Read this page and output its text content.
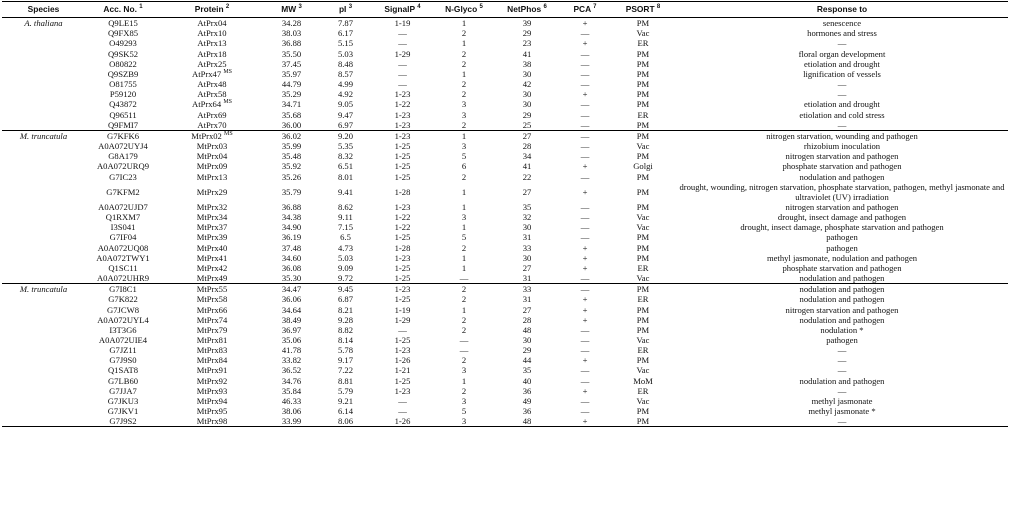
Species	Acc. No. $^1$	Protein $^2$	MW $^3$	pI $^3$	SignalP $^4$	N-Glyco $^5$	NetPhos $^6$	PCA $^7$	PSORT $^8$	Response to
A. thaliana	Q9LE15	AtPrx04	34.28	7.87	1-19	1	39	+	PM	senescence
	Q9FX85	AtPrx10	38.03	6.17	—	2	29	—	Vac	hormones and stress
	O49293	AtPrx13	36.88	5.15	—	1	23	+	ER	—
	Q9SK52	AtPrx18	35.50	5.03	1-29	2	41	—	PM	floral organ development
	O80822	AtPrx25	37.45	8.48	—	2	38	—	PM	etiolation and drought
	Q9SZB9	AtPrx47 $^{MS}$	35.97	8.57	—	1	30	—	PM	lignification of vessels
	O81755	AtPrx48	44.79	4.99	—	2	42	—	PM	—
	P59120	AtPrx58	35.29	4.92	1-23	2	30	+	PM	—
	Q43872	AtPrx64 $^{MS}$	34.71	9.05	1-22	3	30	—	PM	etiolation and drought
	Q96511	AtPrx69	35.68	9.47	1-23	3	29	—	ER	etiolation and cold stress
	Q9FMI7	AtPrx70	36.00	6.97	1-23	2	25	—	PM	—
M. truncatula	G7KFK6	MtPrx02 $^{MS}$	36.02	9.20	1-23	1	27	—	PM	nitrogen starvation, wounding and pathogen
	A0A072UYJ4	MtPrx03	35.99	5.35	1-25	3	28	—	Vac	rhizobium inoculation
	G8A179	MtPrx04	35.48	8.32	1-25	5	34	—	PM	nitrogen starvation and pathogen
	A0A072URQ9	MtPrx09	35.92	6.51	1-25	6	41	+	Golgi	phosphate starvation and pathogen
	G7IC23	MtPrx13	35.26	8.01	1-25	2	22	—	PM	nodulation and pathogen
	G7KFM2	MtPrx29	35.79	9.41	1-28	1	27	+	PM	drought, wounding, nitrogen starvation, phosphate starvation, pathogen, methyl jasmonate and ultraviolet (UV) irradiation
	A0A072UJD7	MtPrx32	36.88	8.62	1-23	1	35	—	PM	nitrogen starvation and pathogen
	Q1RXM7	MtPrx34	34.38	9.11	1-22	3	32	—	Vac	drought, insect damage and pathogen
	I3S041	MtPrx37	34.90	7.15	1-22	1	30	—	Vac	drought, insect damage, phosphate starvation and pathogen
	G7IF04	MtPrx39	36.19	6.5	1-25	5	31	—	PM	pathogen
	A0A072UQ08	MtPrx40	37.48	4.73	1-28	2	33	+	PM	pathogen
	A0A072TWY1	MtPrx41	34.60	5.03	1-23	1	30	+	PM	methyl jasmonate, nodulation and pathogen
	Q1SC11	MtPrx42	36.08	9.09	1-25	1	27	+	ER	phosphate starvation and pathogen
	A0A072UHR9	MtPrx49	35.30	9.72	1-25	—	31	—	Vac	nodulation and pathogen
M. truncatula	G7I8C1	MtPrx55	34.47	9.45	1-23	2	33	—	PM	nodulation and pathogen
	G7K822	MtPrx58	36.06	6.87	1-25	2	31	+	ER	nodulation and pathogen
	G7JCW8	MtPrx66	34.64	8.21	1-19	1	27	+	PM	nitrogen starvation and pathogen
	A0A072UYL4	MtPrx74	38.49	9.28	1-29	2	28	+	PM	nodulation and pathogen
	I3T3G6	MtPrx79	36.97	8.82	—	2	48	—	PM	nodulation *
	A0A072UIE4	MtPrx81	35.06	8.14	1-25	—	30	—	Vac	pathogen
	G7JZ11	MtPrx83	41.78	5.78	1-23	—	29	—	ER	—
	G7J9S0	MtPrx84	33.82	9.17	1-26	2	44	+	PM	—
	Q1SAT8	MtPrx91	36.52	7.22	1-21	3	35	—	Vac	—
	G7LB60	MtPrx92	34.76	8.81	1-25	1	40	—	MoM	nodulation and pathogen
	G7JJA7	MtPrx93	35.84	5.79	1-23	2	36	+	ER	—
	G7JKU3	MtPrx94	46.33	9.21	—	3	49	—	Vac	methyl jasmonate
	G7JKV1	MtPrx95	38.06	6.14	—	5	36	—	PM	methyl jasmonate *
	G7J9S2	MtPrx98	33.99	8.06	1-26	3	48	+	PM	—
